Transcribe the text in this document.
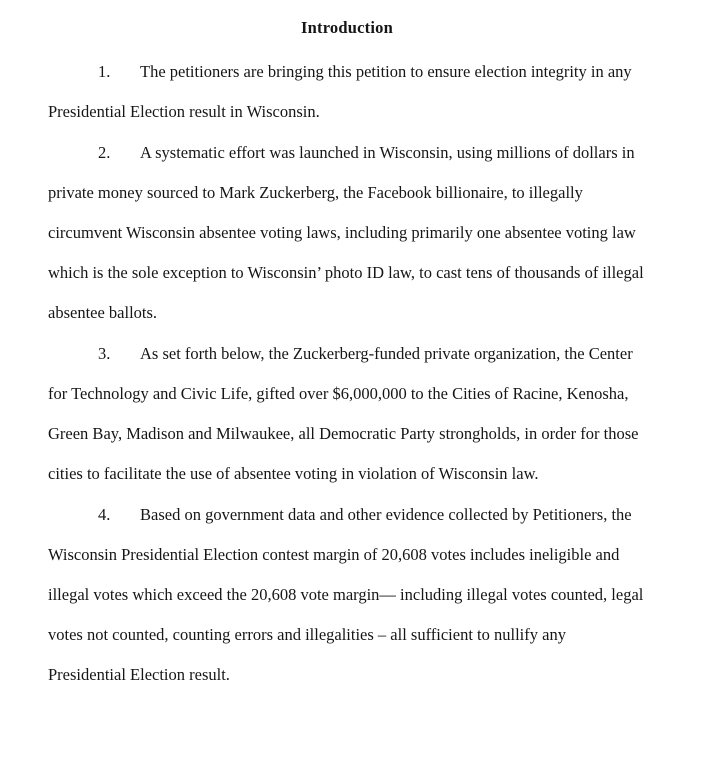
Introduction

1. The petitioners are bringing this petition to ensure election integrity in any Presidential Election result in Wisconsin.

2. A systematic effort was launched in Wisconsin, using millions of dollars in private money sourced to Mark Zuckerberg, the Facebook billionaire, to illegally circumvent Wisconsin absentee voting laws, including primarily one absentee voting law which is the sole exception to Wisconsin’ photo ID law, to cast tens of thousands of illegal absentee ballots.

3. As set forth below, the Zuckerberg-funded private organization, the Center for Technology and Civic Life, gifted over $6,000,000 to the Cities of Racine, Kenosha, Green Bay, Madison and Milwaukee, all Democratic Party strongholds, in order for those cities to facilitate the use of absentee voting in violation of Wisconsin law.

4. Based on government data and other evidence collected by Petitioners, the Wisconsin Presidential Election contest margin of 20,608 votes includes ineligible and illegal votes which exceed the 20,608 vote margin— including illegal votes counted, legal votes not counted, counting errors and illegalities – all sufficient to nullify any Presidential Election result.
